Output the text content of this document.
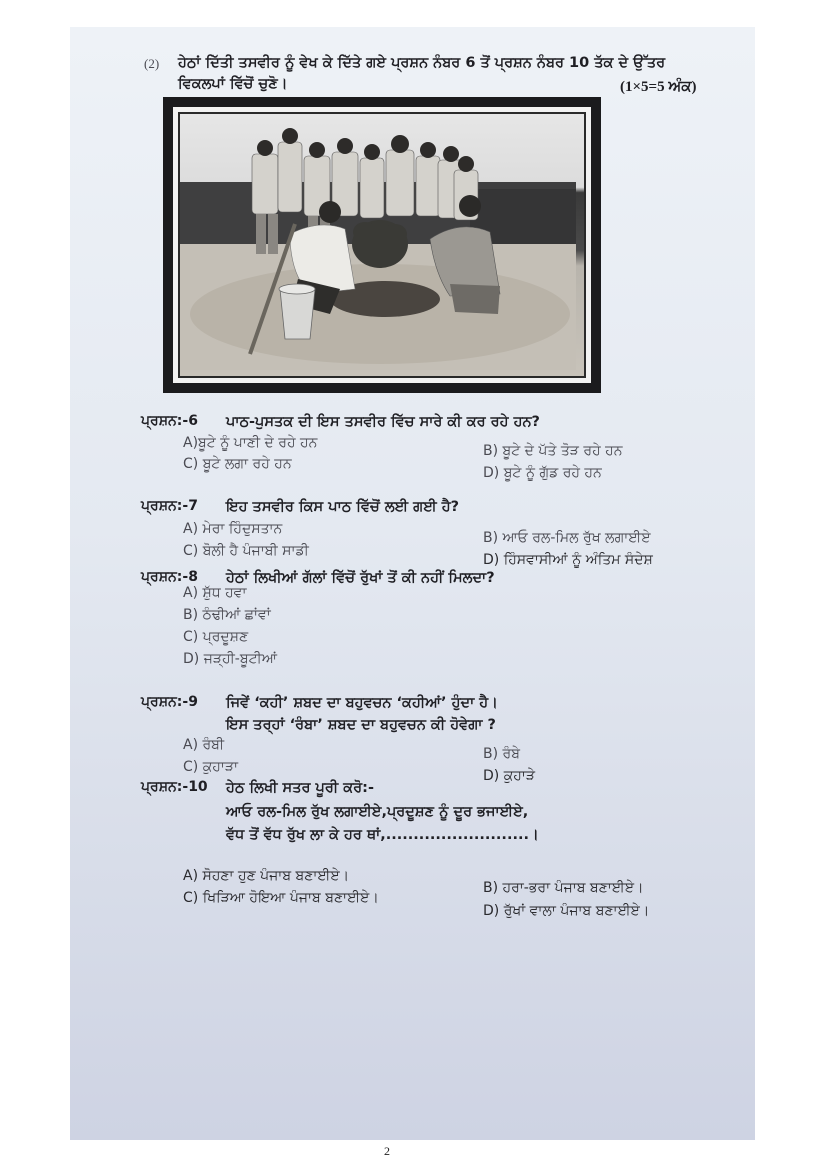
(2) ਹੇਠਾਂ ਦਿੱਤੀ ਤਸਵੀਰ ਨੂੰ ਵੇਖ ਕੇ ਦਿੱਤੇ ਗਏ ਪ੍ਰਸ਼ਨ ਨੰਬਰ 6 ਤੋਂ ਪ੍ਰਸ਼ਨ ਨੰਬਰ 10 ਤੱਕ ਦੇ ਉੱਤਰ
ਵਿਕਲਪਾਂ ਵਿੱਚੋਂ ਚੁਣੋ।	(1×5=5 ਅੰਕ)
ਪ੍ਰਸ਼ਨ:-6 ਪਾਠ-ਪੁਸਤਕ ਦੀ ਇਸ ਤਸਵੀਰ ਵਿੱਚ ਸਾਰੇ ਕੀ ਕਰ ਰਹੇ ਹਨ?
A)ਬੂਟੇ ਨੂੰ ਪਾਣੀ ਦੇ ਰਹੇ ਹਨ	B) ਬੂਟੇ ਦੇ ਪੱਤੇ ਤੋੜ ਰਹੇ ਹਨ
C) ਬੂਟੇ ਲਗਾ ਰਹੇ ਹਨ
D) ਬੂਟੇ ਨੂੰ ਗੁੱਡ ਰਹੇ ਹਨ
ਪ੍ਰਸ਼ਨ:-7 ਇਹ ਤਸਵੀਰ ਕਿਸ ਪਾਠ ਵਿੱਚੋਂ ਲਈ ਗਈ ਹੈ?
A) ਮੇਰਾ ਹਿੰਦੁਸਤਾਨ
B) ਆਓ ਰਲ-ਮਿਲ ਰੁੱਖ ਲਗਾਈਏ
C) ਬੋਲੀ ਹੈ ਪੰਜਾਬੀ ਸਾਡੀ
D) ਹਿੰਸਵਾਸੀਆਂ ਨੂੰ ਅੰਤਿਮ ਸੰਦੇਸ਼
ਪ੍ਰਸ਼ਨ:-8 ਹੇਠਾਂ ਲਿਖੀਆਂ ਗੱਲਾਂ ਵਿੱਚੋਂ ਰੁੱਖਾਂ ਤੋਂ ਕੀ ਨਹੀਂ ਮਿਲਦਾ?
A) ਸ਼ੁੱਧ ਹਵਾ
B) ਠੰਢੀਆਂ ਛਾਂਵਾਂ
C) ਪ੍ਰਦੂਸ਼ਣ
D) ਜੜ੍ਹੀ-ਬੂਟੀਆਂ
ਪ੍ਰਸ਼ਨ:-9 ਜਿਵੇਂ ‘ਕਹੀ’ ਸ਼ਬਦ ਦਾ ਬਹੁਵਚਨ ‘ਕਹੀਆਂ’ ਹੁੰਦਾ ਹੈ।
ਇਸ ਤਰ੍ਹਾਂ ‘ਰੰਬਾ’ ਸ਼ਬਦ ਦਾ ਬਹੁਵਚਨ ਕੀ ਹੋਵੇਗਾ ?
A) ਰੰਬੀ
B) ਰੰਬੇ
C) ਕੁਹਾੜਾ
D) ਕੁਹਾੜੇ
ਪ੍ਰਸ਼ਨ:-10 ਹੇਠ ਲਿਖੀ ਸਤਰ ਪੂਰੀ ਕਰੋ:-
ਆਓ ਰਲ-ਮਿਲ ਰੁੱਖ ਲਗਾਈਏ,ਪ੍ਰਦੂਸ਼ਣ ਨੂੰ ਦੂਰ ਭਜਾਈਏ,
ਵੱਧ ਤੋਂ ਵੱਧ ਰੁੱਖ ਲਾ ਕੇ ਹਰ ਥਾਂ,..........................।
A) ਸੋਹਣਾ ਹੁਣ ਪੰਜਾਬ ਬਣਾਈਏ।
B) ਹਰਾ-ਭਰਾ ਪੰਜਾਬ ਬਣਾਈਏ।
C) ਖਿੜਿਆ ਹੋਇਆ ਪੰਜਾਬ ਬਣਾਈਏ।
D) ਰੁੱਖਾਂ ਵਾਲਾ ਪੰਜਾਬ ਬਣਾਈਏ।
2
